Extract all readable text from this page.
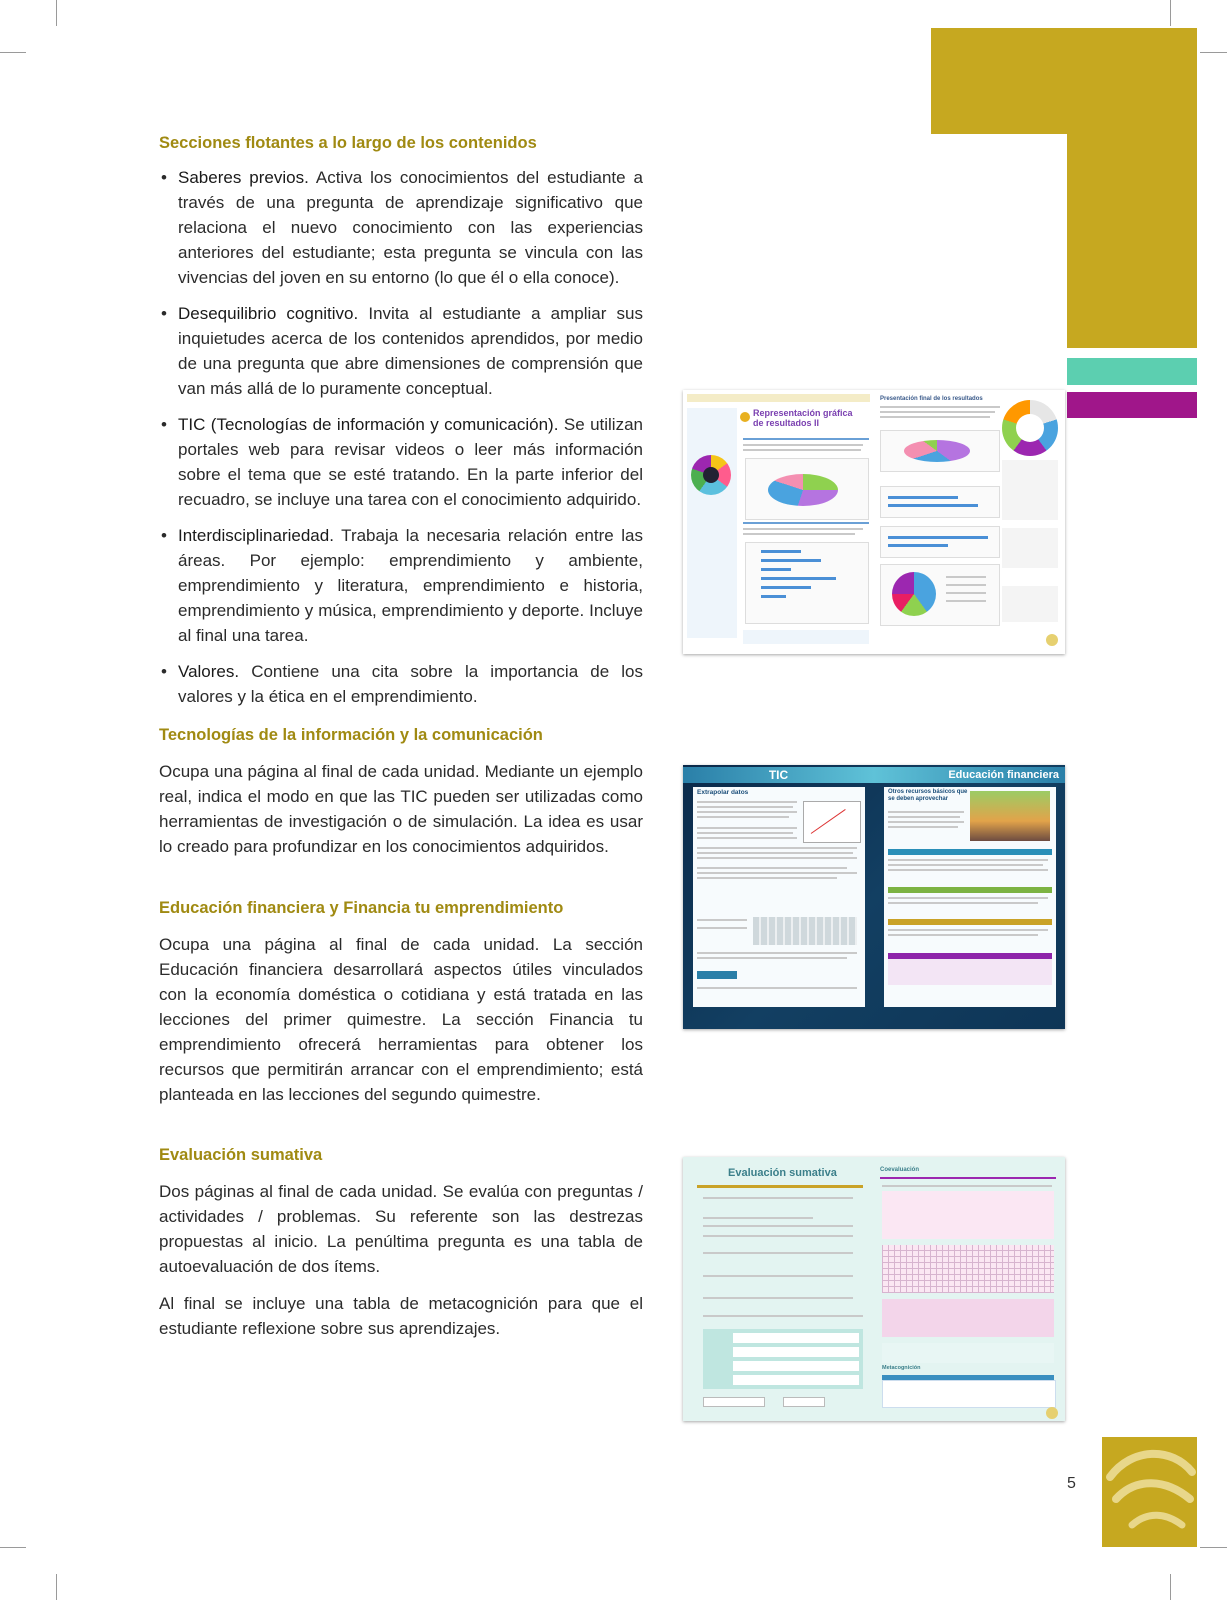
Secciones flotantes a lo largo de los contenidos
• Saberes previos. Activa los conocimientos del estudiante a través de una pregunta de aprendizaje significativo que relaciona el nuevo conocimiento con las experiencias anteriores del estudiante; esta pregunta se vincula con las vivencias del joven en su entorno (lo que él o ella conoce).
• Desequilibrio cognitivo. Invita al estudiante a ampliar sus inquietudes acerca de los contenidos aprendidos, por medio de una pregunta que abre dimensiones de comprensión que van más allá de lo puramente conceptual.
• TIC (Tecnologías de información y comunicación). Se utilizan portales web para revisar videos o leer más información sobre el tema que se esté tratando. En la parte inferior del recuadro, se incluye una tarea con el conocimiento adquirido.
• Interdisciplinariedad. Trabaja la necesaria relación entre las áreas. Por ejemplo: emprendimiento y ambiente, emprendimiento y literatura, emprendimiento e historia, emprendimiento y música, emprendimiento y deporte. Incluye al final una tarea.
• Valores. Contiene una cita sobre la importancia de los valores y la ética en el emprendimiento.
Tecnologías de la información y la comunicación

Ocupa una página al final de cada unidad. Mediante un ejemplo real, indica el modo en que las TIC pueden ser utilizadas como herramientas de investigación o de simulación. La idea es usar lo creado para profundizar en los conocimientos adquiridos.

Educación financiera y Financia tu emprendimiento

Ocupa una página al final de cada unidad. La sección Educación financiera desarrollará aspectos útiles vinculados con la economía doméstica o cotidiana y está tratada en las lecciones del primer quimestre. La sección Financia tu emprendimiento ofrecerá herramientas para obtener los recursos que permitirán arrancar con el emprendimiento; está planteada en las lecciones del segundo quimestre.

Evaluación sumativa

Dos páginas al final de cada unidad. Se evalúa con preguntas / actividades / problemas. Su referente son las destrezas propuestas al inicio. La penúltima pregunta es una tabla de autoevaluación de dos ítems.

Al final se incluye una tabla de metacognición para que el estudiante reflexione sobre sus aprendizajes.

Representación gráfica de resultados II
Presentación final de los resultados
TIC
Extrapolar datos
Educación financiera
Otros recursos básicos que se deben aprovechar
Evaluación sumativa	Coevaluación
Metacognición
5
